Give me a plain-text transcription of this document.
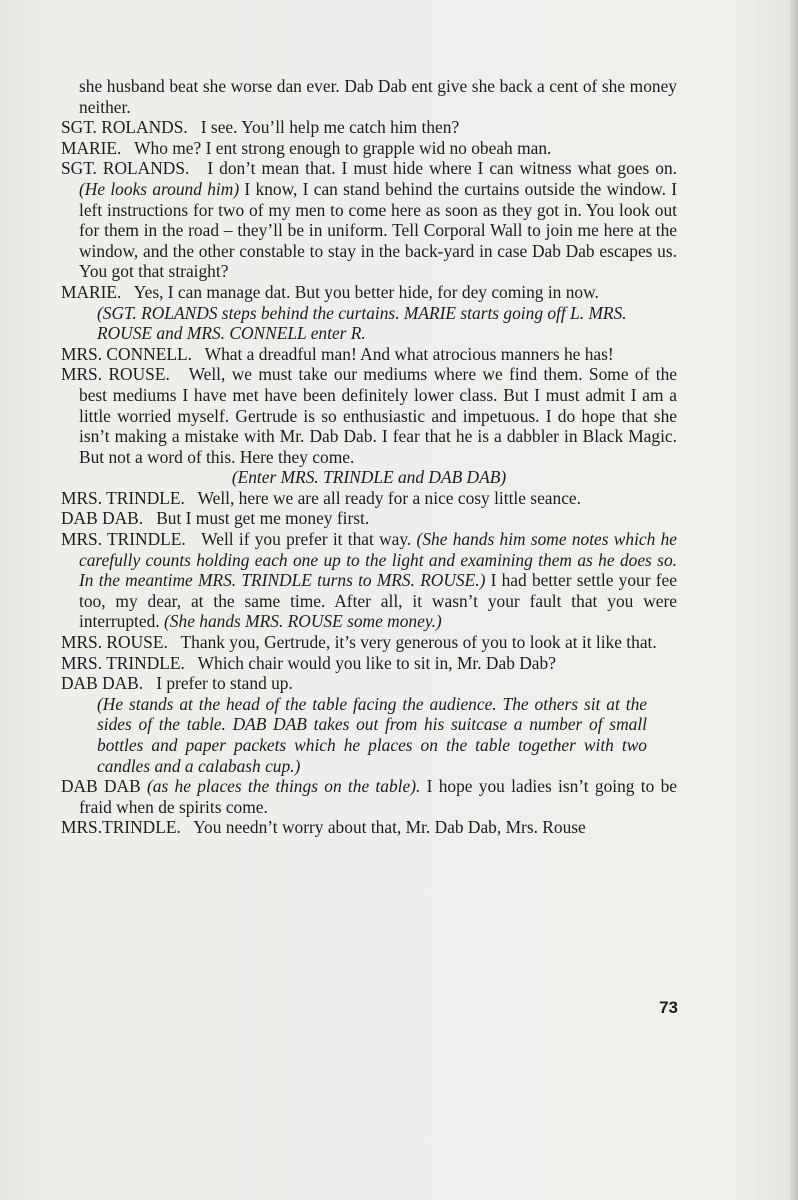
she husband beat she worse dan ever. Dab Dab ent give she back a cent of she money neither.

SGT. ROLANDS. I see. You’ll help me catch him then?

MARIE. Who me? I ent strong enough to grapple wid no obeah man.

SGT. ROLANDS. I don’t mean that. I must hide where I can witness what goes on. (He looks around him) I know, I can stand behind the curtains outside the window. I left instructions for two of my men to come here as soon as they got in. You look out for them in the road – they’ll be in uniform. Tell Corporal Wall to join me here at the window, and the other constable to stay in the back-yard in case Dab Dab escapes us. You got that straight?

MARIE. Yes, I can manage dat. But you better hide, for dey coming in now.

(SGT. ROLANDS steps behind the curtains. MARIE starts going off L. MRS. ROUSE and MRS. CONNELL enter R.

MRS. CONNELL. What a dreadful man! And what atrocious manners he has!

MRS. ROUSE. Well, we must take our mediums where we find them. Some of the best mediums I have met have been definitely lower class. But I must admit I am a little worried myself. Gertrude is so enthusiastic and impetuous. I do hope that she isn’t making a mistake with Mr. Dab Dab. I fear that he is a dabbler in Black Magic. But not a word of this. Here they come.

(Enter MRS. TRINDLE and DAB DAB)

MRS. TRINDLE. Well, here we are all ready for a nice cosy little seance.

DAB DAB. But I must get me money first.

MRS. TRINDLE. Well if you prefer it that way. (She hands him some notes which he carefully counts holding each one up to the light and examining them as he does so. In the meantime MRS. TRINDLE turns to MRS. ROUSE.) I had better settle your fee too, my dear, at the same time. After all, it wasn’t your fault that you were interrupted. (She hands MRS. ROUSE some money.)

MRS. ROUSE. Thank you, Gertrude, it’s very generous of you to look at it like that.

MRS. TRINDLE. Which chair would you like to sit in, Mr. Dab Dab?

DAB DAB. I prefer to stand up.

(He stands at the head of the table facing the audience. The others sit at the sides of the table. DAB DAB takes out from his suitcase a number of small bottles and paper packets which he places on the table together with two candles and a calabash cup.)

DAB DAB (as he places the things on the table). I hope you ladies isn’t going to be fraid when de spirits come.

MRS.TRINDLE. You needn’t worry about that, Mr. Dab Dab, Mrs. Rouse

73
